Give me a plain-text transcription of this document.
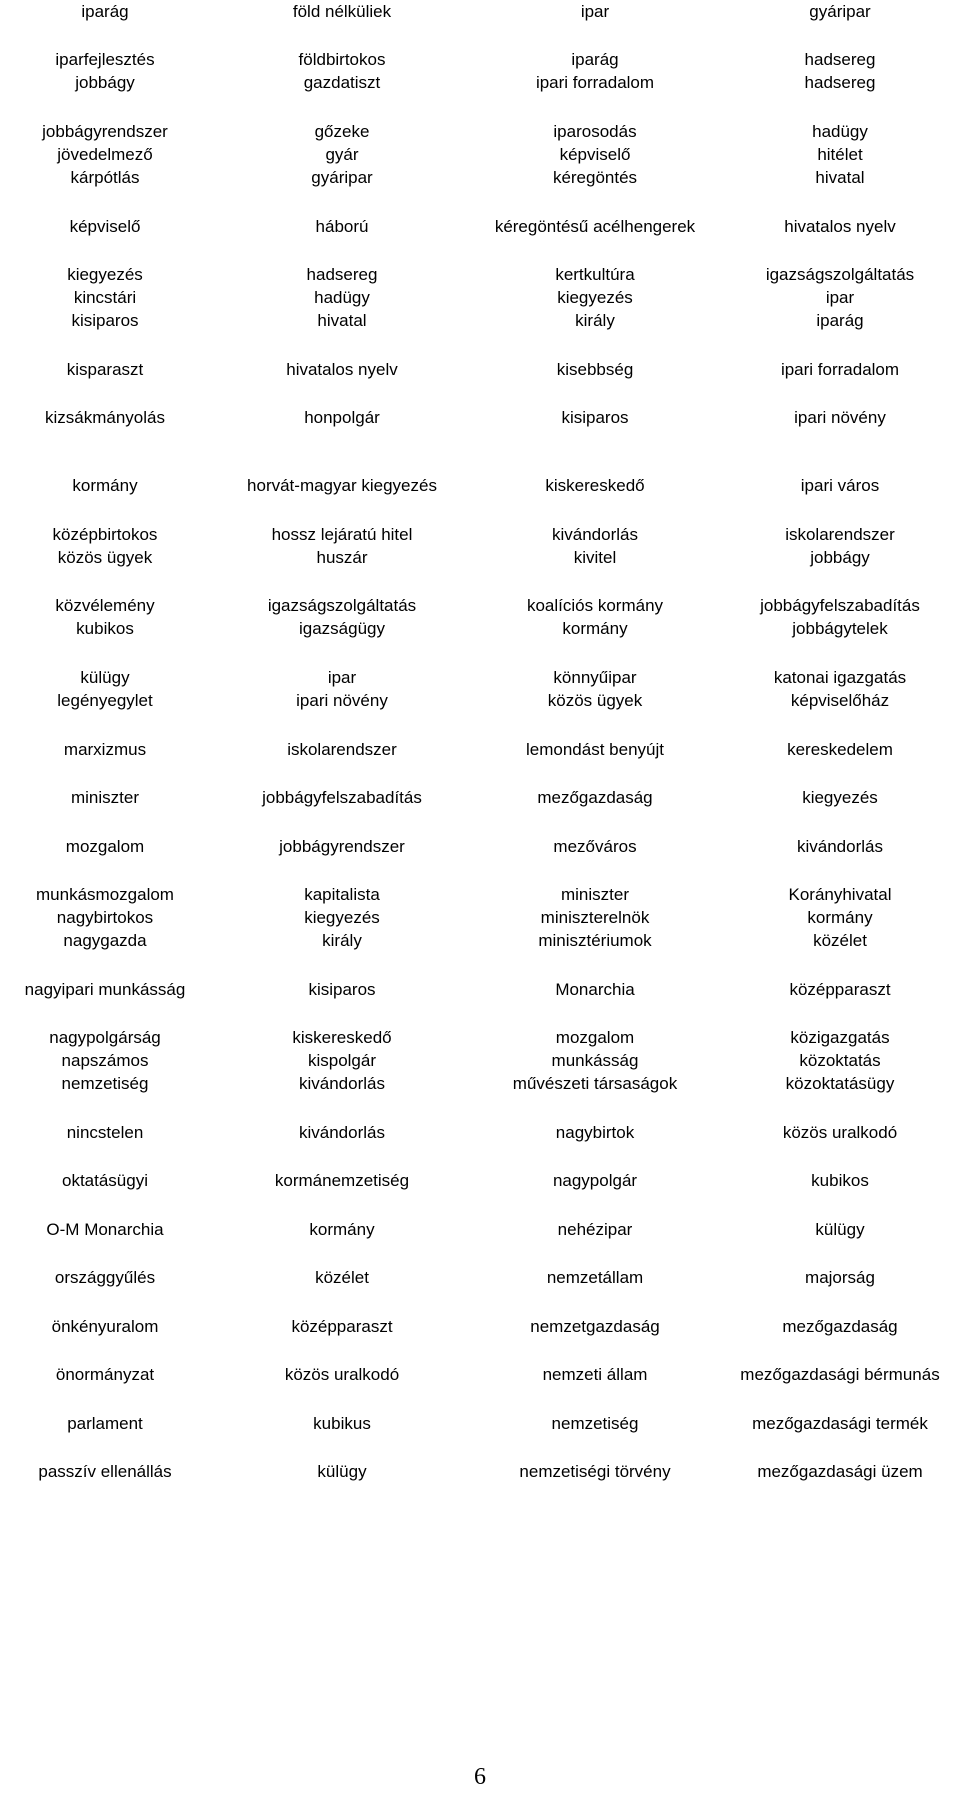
iparág	föld nélküliek	ipar	gyáripar
iparfejlesztés	földbirtokos	iparág	hadsereg
jobbágy	gazdatiszt	ipari forradalom	hadsereg
jobbágyrendszer	gőzeke	iparosodás	hadügy
jövedelmező	gyár	képviselő	hitélet
kárpótlás	gyáripar	kéregöntés	hivatal
képviselő	háború	kéregöntésű acélhengerek	hivatalos nyelv
kiegyezés	hadsereg	kertkultúra	igazságszolgáltatás
kincstári	hadügy	kiegyezés	ipar
kisiparos	hivatal	király	iparág
kisparaszt	hivatalos nyelv	kisebbség	ipari forradalom
kizsákmányolás	honpolgár	kisiparos	ipari növény
kormány	horvát-magyar kiegyezés	kiskereskedő	ipari város
középbirtokos	hossz lejáratú hitel	kivándorlás	iskolarendszer
közös ügyek	huszár	kivitel	jobbágy
közvélemény	igazságszolgáltatás	koalíciós kormány	jobbágyfelszabadítás
kubikos	igazságügy	kormány	jobbágytelek
külügy	ipar	könnyűipar	katonai igazgatás
legényegylet	ipari növény	közös ügyek	képviselőház
marxizmus	iskolarendszer	lemondást benyújt	kereskedelem
miniszter	jobbágyfelszabadítás	mezőgazdaság	kiegyezés
mozgalom	jobbágyrendszer	mezőváros	kivándorlás
munkásmozgalom	kapitalista	miniszter	Korányhivatal
nagybirtokos	kiegyezés	miniszterelnök	kormány
nagygazda	király	minisztériumok	közélet
nagyipari munkásság	kisiparos	Monarchia	középparaszt
nagypolgárság	kiskereskedő	mozgalom	közigazgatás
napszámos	kispolgár	munkásság	közoktatás
nemzetiség	kivándorlás	művészeti társaságok	közoktatásügy
nincstelen	kivándorlás	nagybirtok	közös uralkodó
oktatásügyi	kormánemzetiség	nagypolgár	kubikos
O-M Monarchia	kormány	nehézipar	külügy
országgyűlés	közélet	nemzetállam	majorság
önkényuralom	középparaszt	nemzetgazdaság	mezőgazdaság
önormányzat	közös uralkodó	nemzeti állam	mezőgazdasági bérmunás
parlament	kubikus	nemzetiség	mezőgazdasági termék
passzív ellenállás	külügy	nemzetiségi törvény	mezőgazdasági üzem
6
